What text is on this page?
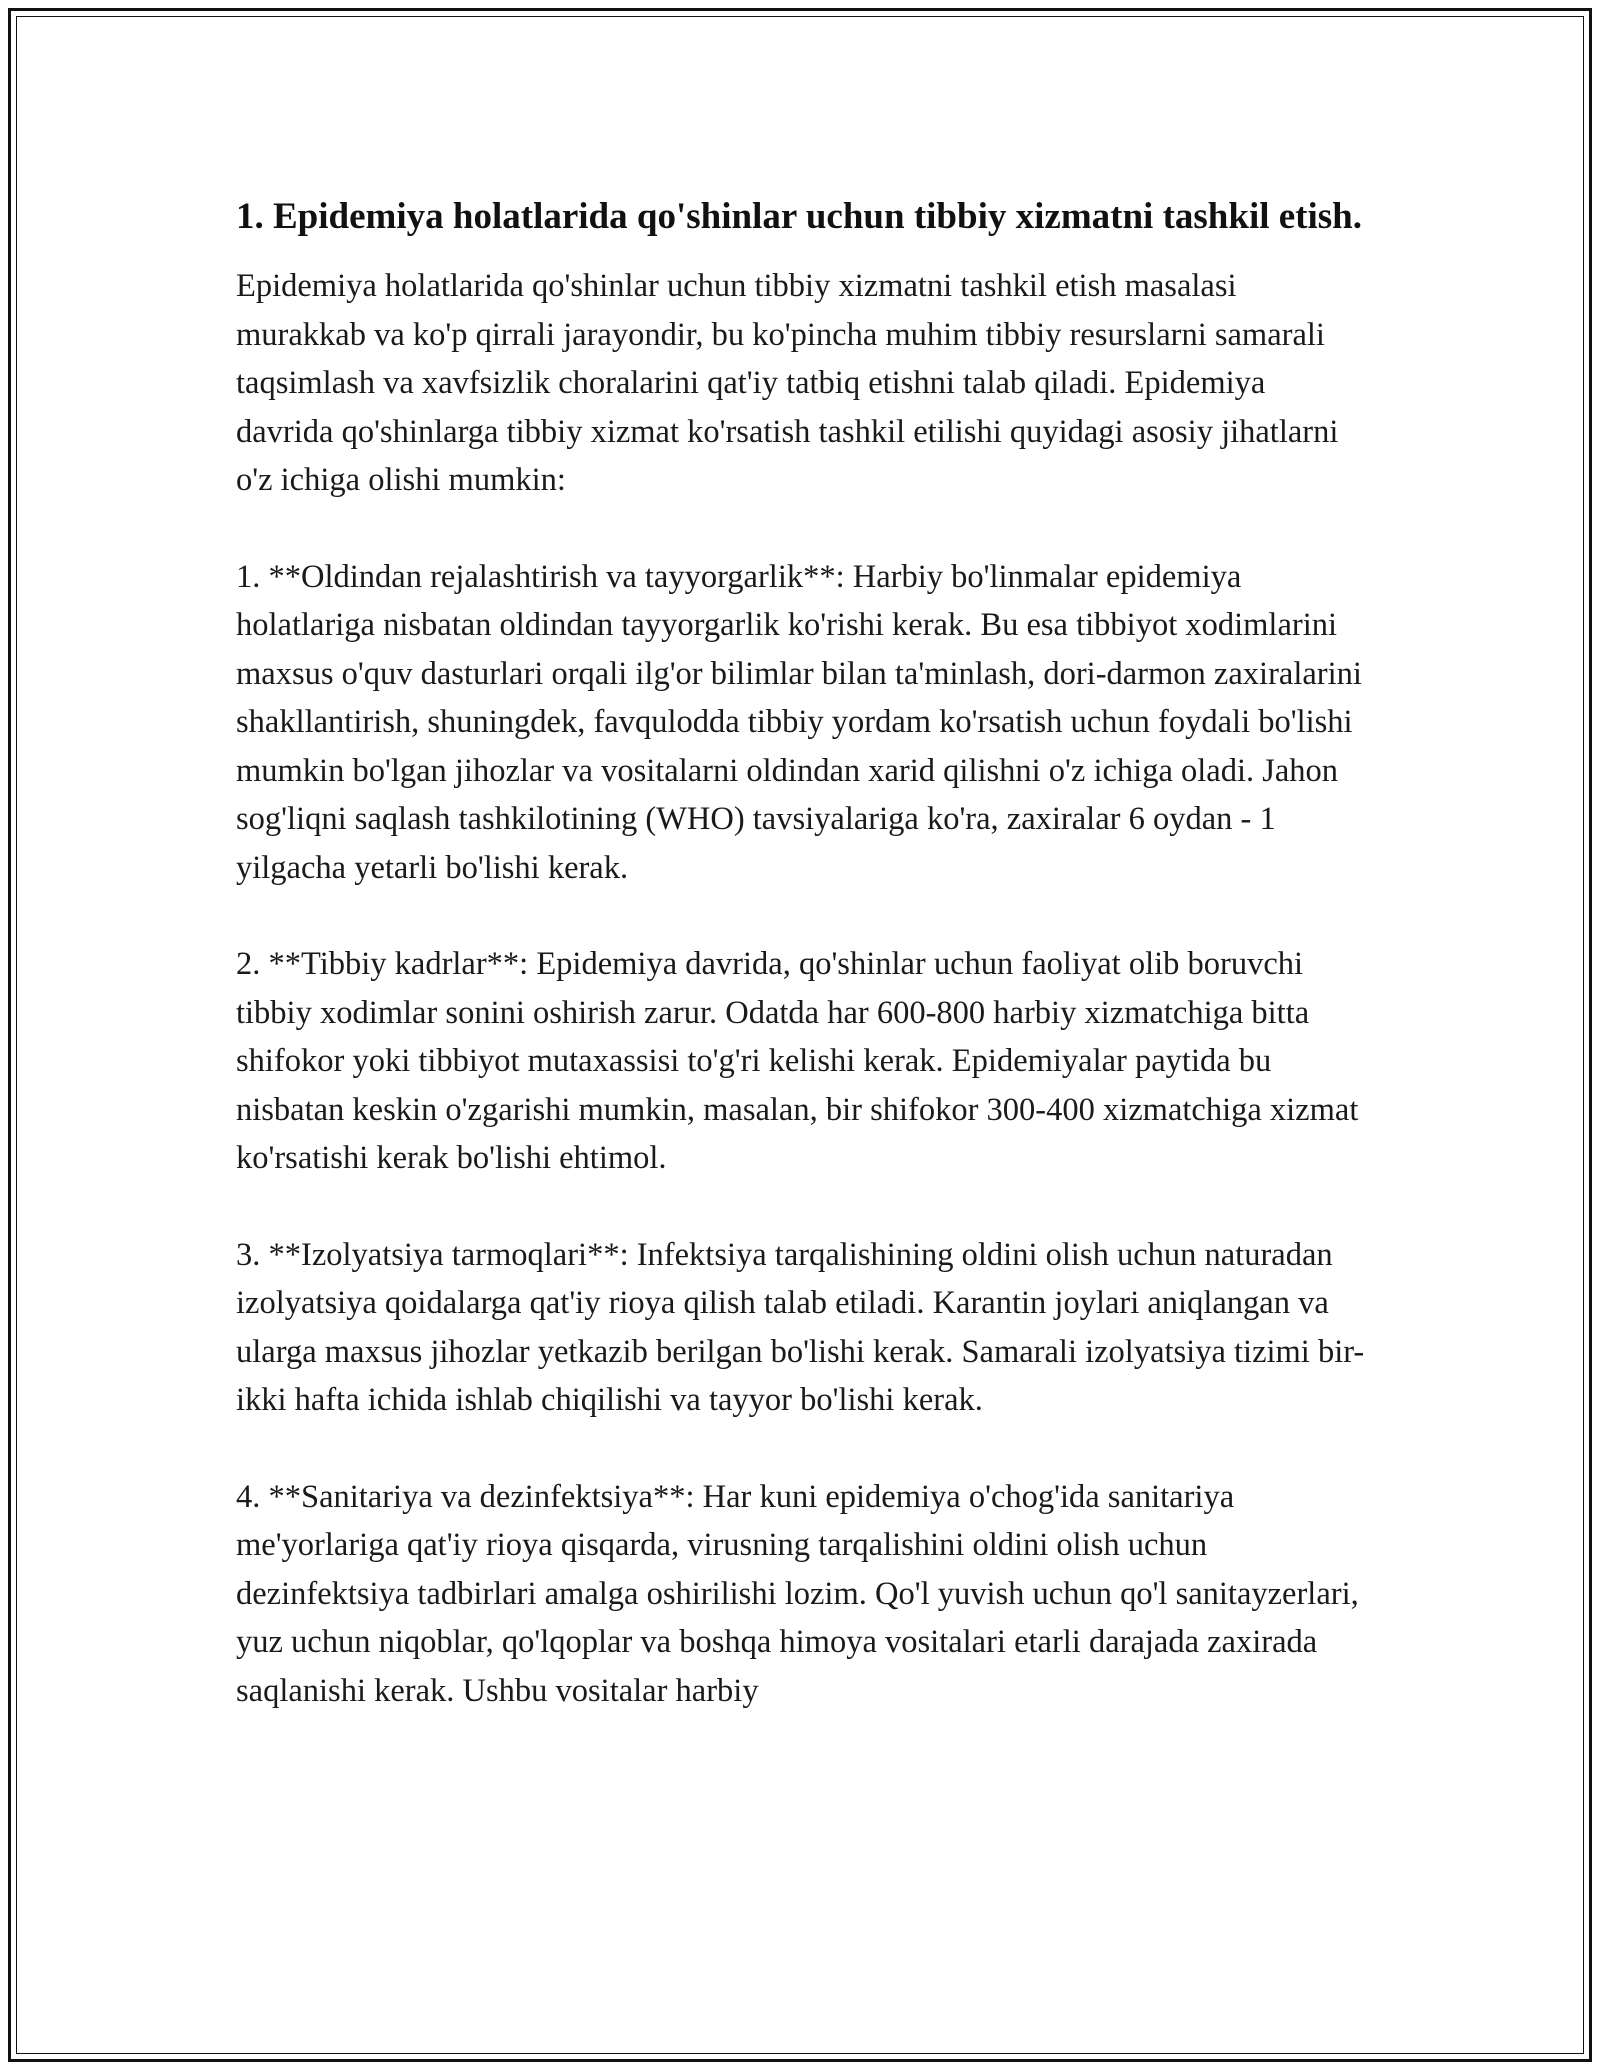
1. Epidemiya holatlarida qo'shinlar uchun tibbiy xizmatni tashkil etish.

Epidemiya holatlarida qo'shinlar uchun tibbiy xizmatni tashkil etish masalasi murakkab va ko'p qirrali jarayondir, bu ko'pincha muhim tibbiy resurslarni samarali taqsimlash va xavfsizlik choralarini qat'iy tatbiq etishni talab qiladi. Epidemiya davrida qo'shinlarga tibbiy xizmat ko'rsatish tashkil etilishi quyidagi asosiy jihatlarni o'z ichiga olishi mumkin:

1. **Oldindan rejalashtirish va tayyorgarlik**: Harbiy bo'linmalar epidemiya holatlariga nisbatan oldindan tayyorgarlik ko'rishi kerak. Bu esa tibbiyot xodimlarini maxsus o'quv dasturlari orqali ilg'or bilimlar bilan ta'minlash, dori-darmon zaxiralarini shakllantirish, shuningdek, favqulodda tibbiy yordam ko'rsatish uchun foydali bo'lishi mumkin bo'lgan jihozlar va vositalarni oldindan xarid qilishni o'z ichiga oladi. Jahon sog'liqni saqlash tashkilotining (WHO) tavsiyalariga ko'ra, zaxiralar 6 oydan - 1 yilgacha yetarli bo'lishi kerak.

2. **Tibbiy kadrlar**: Epidemiya davrida, qo'shinlar uchun faoliyat olib boruvchi tibbiy xodimlar sonini oshirish zarur. Odatda har 600-800 harbiy xizmatchiga bitta shifokor yoki tibbiyot mutaxassisi to'g'ri kelishi kerak. Epidemiyalar paytida bu nisbatan keskin o'zgarishi mumkin, masalan, bir shifokor 300-400 xizmatchiga xizmat ko'rsatishi kerak bo'lishi ehtimol.

3. **Izolyatsiya tarmoqlari**: Infektsiya tarqalishining oldini olish uchun naturadan izolyatsiya qoidalarga qat'iy rioya qilish talab etiladi. Karantin joylari aniqlangan va ularga maxsus jihozlar yetkazib berilgan bo'lishi kerak. Samarali izolyatsiya tizimi bir-ikki hafta ichida ishlab chiqilishi va tayyor bo'lishi kerak.

4. **Sanitariya va dezinfektsiya**: Har kuni epidemiya o'chog'ida sanitariya me'yorlariga qat'iy rioya qisqarda, virusning tarqalishini oldini olish uchun dezinfektsiya tadbirlari amalga oshirilishi lozim. Qo'l yuvish uchun qo'l sanitayzerlari, yuz uchun niqoblar, qo'lqoplar va boshqa himoya vositalari etarli darajada zaxirada saqlanishi kerak. Ushbu vositalar harbiy
